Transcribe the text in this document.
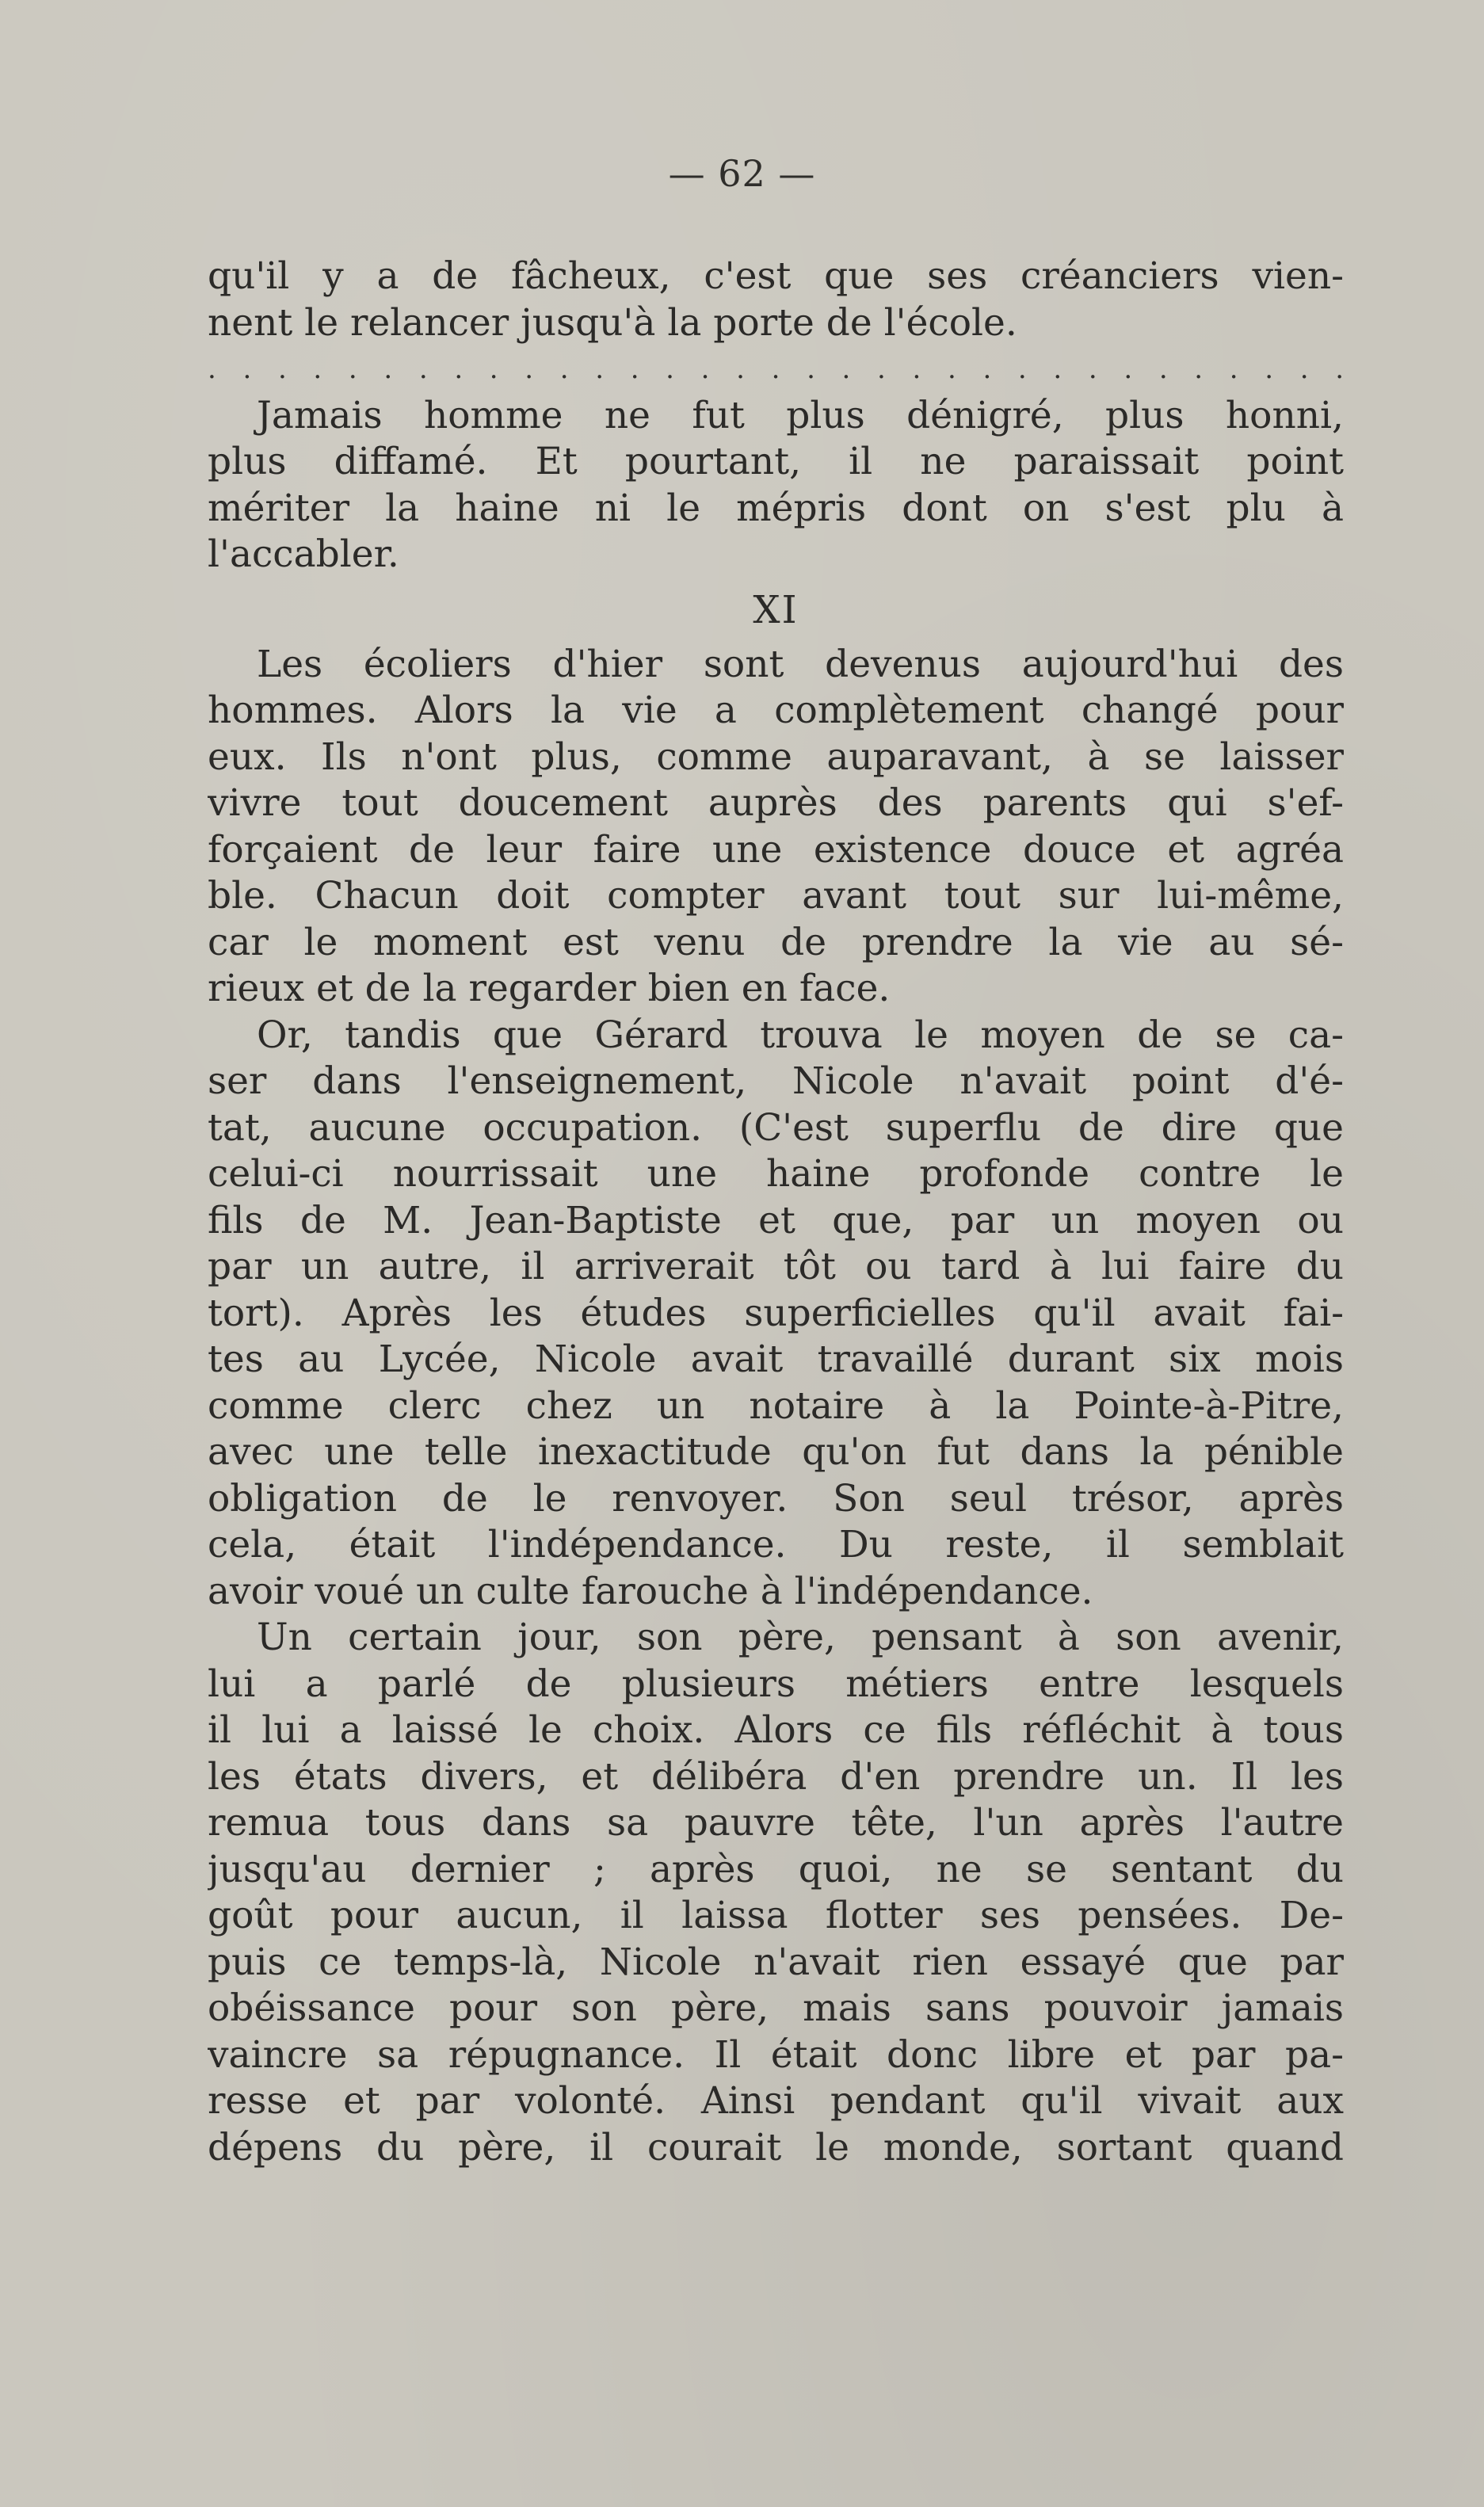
— 62 —
qu'il y a de fâcheux, c'est que ses créanciers vien-
nent le relancer jusqu'à la porte de l'école.
. . . . . . . . . . . . . . . . . . . . . . . . . . . . . . . . .
Jamais homme ne fut plus dénigré, plus honni,
plus diffamé. Et pourtant, il ne paraissait point
mériter la haine ni le mépris dont on s'est plu à
l'accabler.
XI
Les écoliers d'hier sont devenus aujourd'hui des
hommes. Alors la vie a complètement changé pour
eux. Ils n'ont plus, comme auparavant, à se laisser
vivre tout doucement auprès des parents qui s'ef-
forçaient de leur faire une existence douce et agréa
ble. Chacun doit compter avant tout sur lui-même,
car le moment est venu de prendre la vie au sé-
rieux et de la regarder bien en face.
Or, tandis que Gérard trouva le moyen de se ca-
ser dans l'enseignement, Nicole n'avait point d'é-
tat, aucune occupation. (C'est superflu de dire que
celui-ci nourrissait une haine profonde contre le
fils de M. Jean-Baptiste et que, par un moyen ou
par un autre, il arriverait tôt ou tard à lui faire du
tort). Après les études superficielles qu'il avait fai-
tes au Lycée, Nicole avait travaillé durant six mois
comme clerc chez un notaire à la Pointe-à-Pitre,
avec une telle inexactitude qu'on fut dans la pénible
obligation de le renvoyer. Son seul trésor, après
cela, était l'indépendance. Du reste, il semblait
avoir voué un culte farouche à l'indépendance.
Un certain jour, son père, pensant à son avenir,
lui a parlé de plusieurs métiers entre lesquels
il lui a laissé le choix. Alors ce fils réfléchit à tous
les états divers, et délibéra d'en prendre un. Il les
remua tous dans sa pauvre tête, l'un après l'autre
jusqu'au dernier ; après quoi, ne se sentant du
goût pour aucun, il laissa flotter ses pensées. De-
puis ce temps-là, Nicole n'avait rien essayé que par
obéissance pour son père, mais sans pouvoir jamais
vaincre sa répugnance. Il était donc libre et par pa-
resse et par volonté. Ainsi pendant qu'il vivait aux
dépens du père, il courait le monde, sortant quand
